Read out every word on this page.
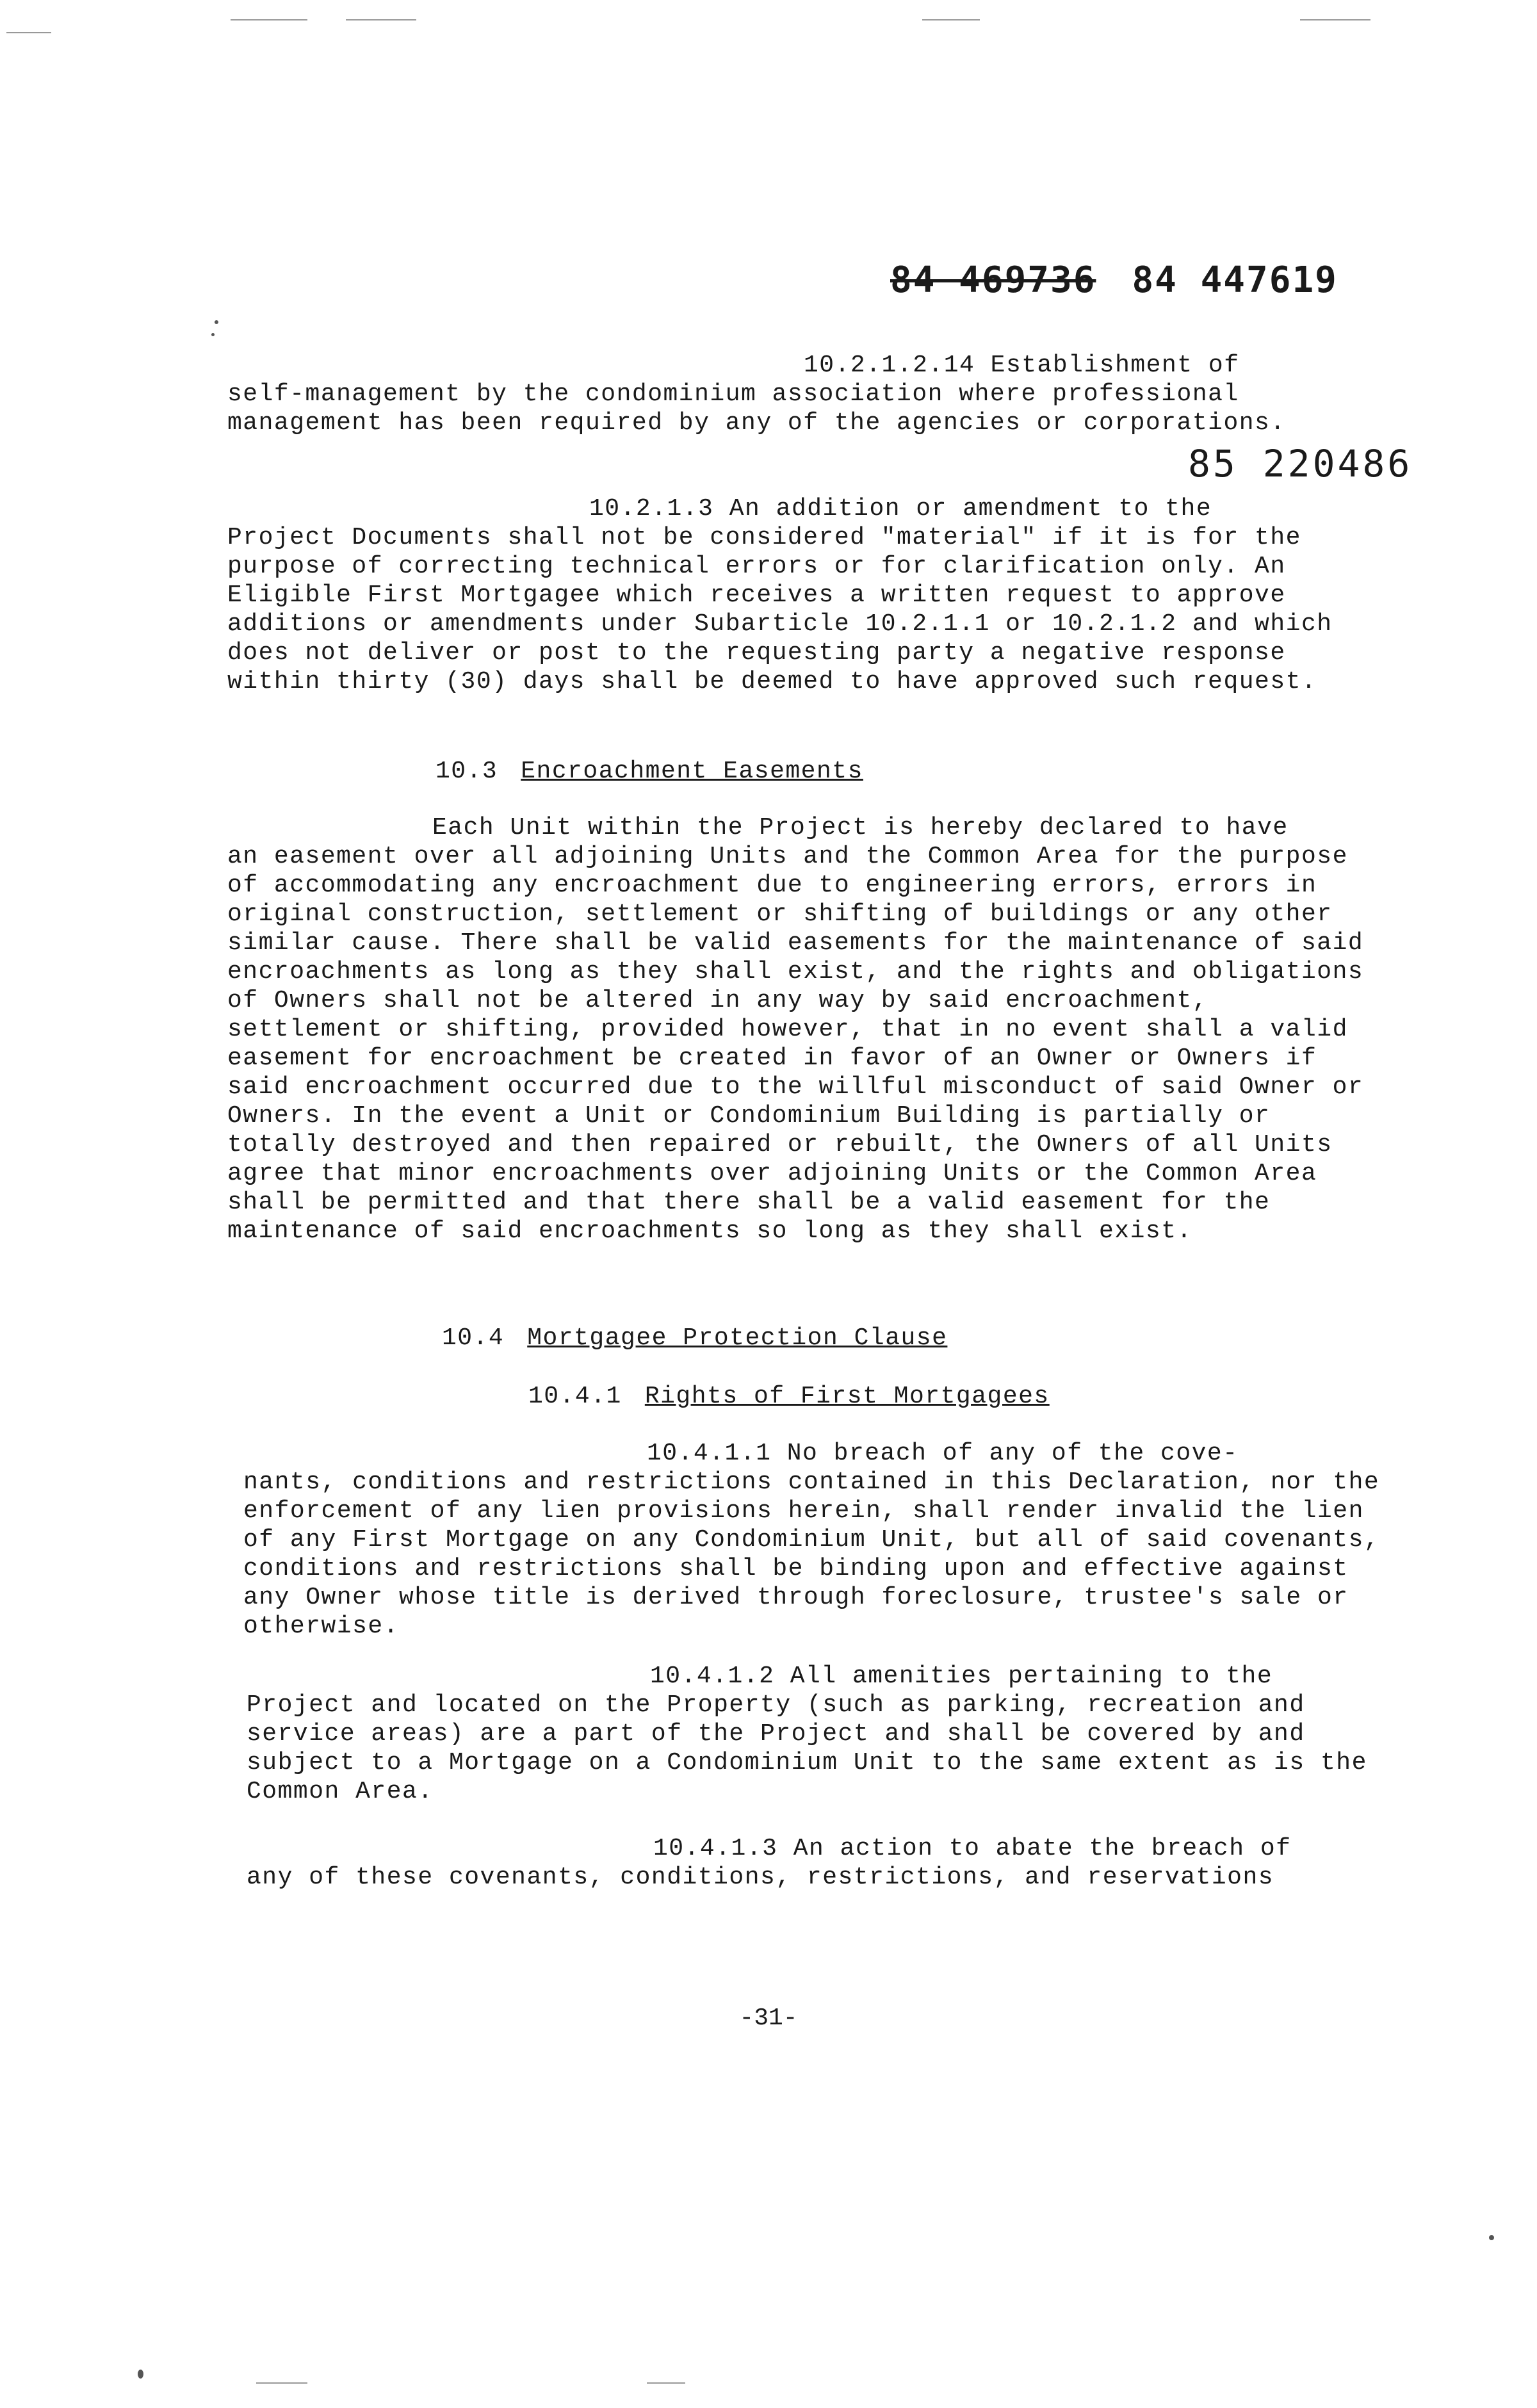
84 469736 84 447619
85 220486

10.2.1.2.14 Establishment of

self-management by the condominium association where professional management has been required by any of the agencies or corporations.

10.2.1.3 An addition or amendment to the

Project Documents shall not be considered "material" if it is for the purpose of correcting technical errors or for clarification only. An Eligible First Mortgagee which receives a written request to approve additions or amendments under Subarticle 10.2.1.1 or 10.2.1.2 and which does not deliver or post to the requesting party a negative response within thirty (30) days shall be deemed to have approved such request.

10.3 Encroachment Easements

Each Unit within the Project is hereby declared to have

an easement over all adjoining Units and the Common Area for the purpose of accommodating any encroachment due to engineering errors, errors in original construction, settlement or shifting of buildings or any other similar cause. There shall be valid easements for the maintenance of said encroachments as long as they shall exist, and the rights and obligations of Owners shall not be altered in any way by said encroachment, settlement or shifting, provided however, that in no event shall a valid easement for encroachment be created in favor of an Owner or Owners if said encroachment occurred due to the willful misconduct of said Owner or Owners. In the event a Unit or Condominium Building is partially or totally destroyed and then repaired or rebuilt, the Owners of all Units agree that minor encroachments over adjoining Units or the Common Area shall be permitted and that there shall be a valid easement for the maintenance of said encroachments so long as they shall exist.

10.4 Mortgagee Protection Clause
10.4.1 Rights of First Mortgagees

10.4.1.1 No breach of any of the cove-

nants, conditions and restrictions contained in this Declaration, nor the enforcement of any lien provisions herein, shall render invalid the lien of any First Mortgage on any Condominium Unit, but all of said covenants, conditions and restrictions shall be binding upon and effective against any Owner whose title is derived through foreclosure, trustee's sale or otherwise.

10.4.1.2 All amenities pertaining to the

Project and located on the Property (such as parking, recreation and service areas) are a part of the Project and shall be covered by and subject to a Mortgage on a Condominium Unit to the same extent as is the Common Area.

10.4.1.3 An action to abate the breach of

any of these covenants, conditions, restrictions, and reservations

-31-
